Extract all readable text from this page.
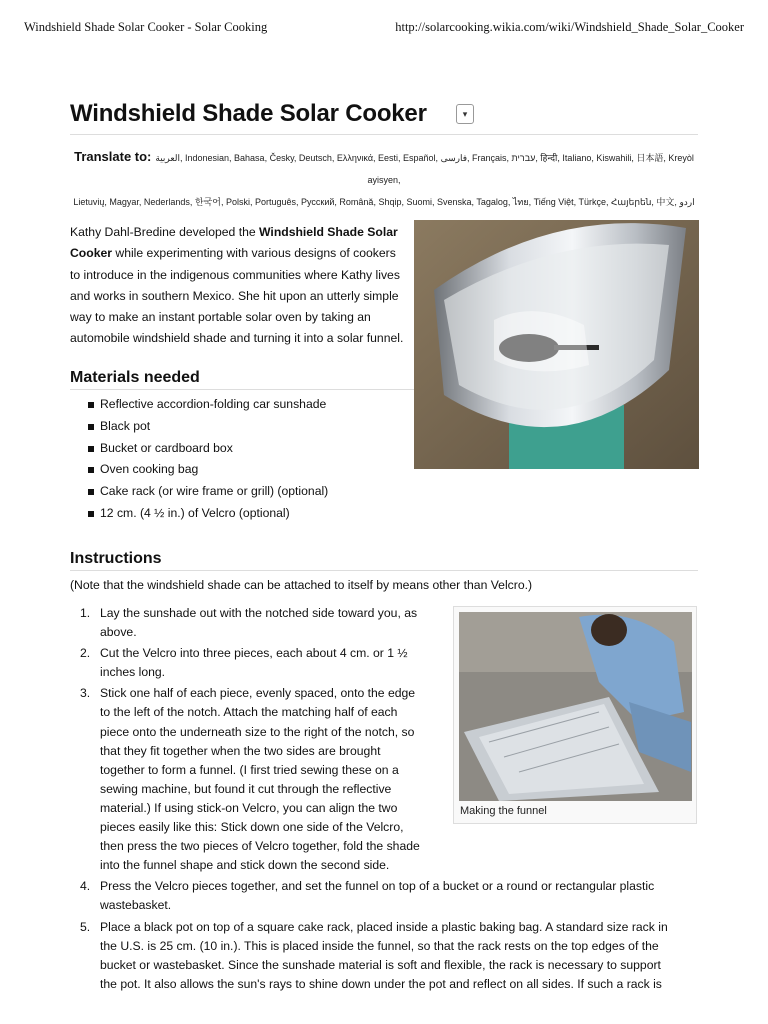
Windshield Shade Solar Cooker - Solar Cooking	http://solarcooking.wikia.com/wiki/Windshield_Shade_Solar_Cooker
Windshield Shade Solar Cooker	▾
Translate to: العربية, Indonesian, Bahasa, Česky, Deutsch, Ελληνικά, Eesti, Español, فارسی, Français, עברית, हिन्दी, Italiano, Kiswahili, 日本語, Kreyòl ayisyen,
Lietuvių, Magyar, Nederlands, 한국어, Polski, Português, Русский, Română, Shqip, Suomi, Svenska, Tagalog, ไทย, Tiếng Việt, Türkçe, Հայերեն, 中文, اردو
Kathy Dahl-Bredine developed the Windshield Shade Solar
Cooker while experimenting with various designs of cookers
to introduce in the indigenous communities where Kathy lives
and works in southern Mexico. She hit upon an utterly simple
way to make an instant portable solar oven by taking an
automobile windshield shade and turning it into a solar funnel.
Materials needed
Reflective accordion-folding car sunshade
Black pot
Bucket or cardboard box
Oven cooking bag
Cake rack (or wire frame or grill) (optional)
12 cm. (4 ½ in.) of Velcro (optional)
Instructions
(Note that the windshield shade can be attached to itself by means other than Velcro.)
Making the funnel
1. Lay the sunshade out with the notched side toward you, as
above.
2. Cut the Velcro into three pieces, each about 4 cm. or 1 ½
inches long.
3. Stick one half of each piece, evenly spaced, onto the edge
to the left of the notch. Attach the matching half of each
piece onto the underneath size to the right of the notch, so
that they fit together when the two sides are brought
together to form a funnel. (I first tried sewing these on a
sewing machine, but found it cut through the reflective
material.) If using stick-on Velcro, you can align the two
pieces easily like this: Stick down one side of the Velcro,
then press the two pieces of Velcro together, fold the shade
into the funnel shape and stick down the second side.
4. Press the Velcro pieces together, and set the funnel on top of a bucket or a round or rectangular plastic
wastebasket.
5. Place a black pot on top of a square cake rack, placed inside a plastic baking bag. A standard size rack in
the U.S. is 25 cm. (10 in.). This is placed inside the funnel, so that the rack rests on the top edges of the
bucket or wastebasket. Since the sunshade material is soft and flexible, the rack is necessary to support
the pot. It also allows the sun's rays to shine down under the pot and reflect on all sides. If such a rack is
